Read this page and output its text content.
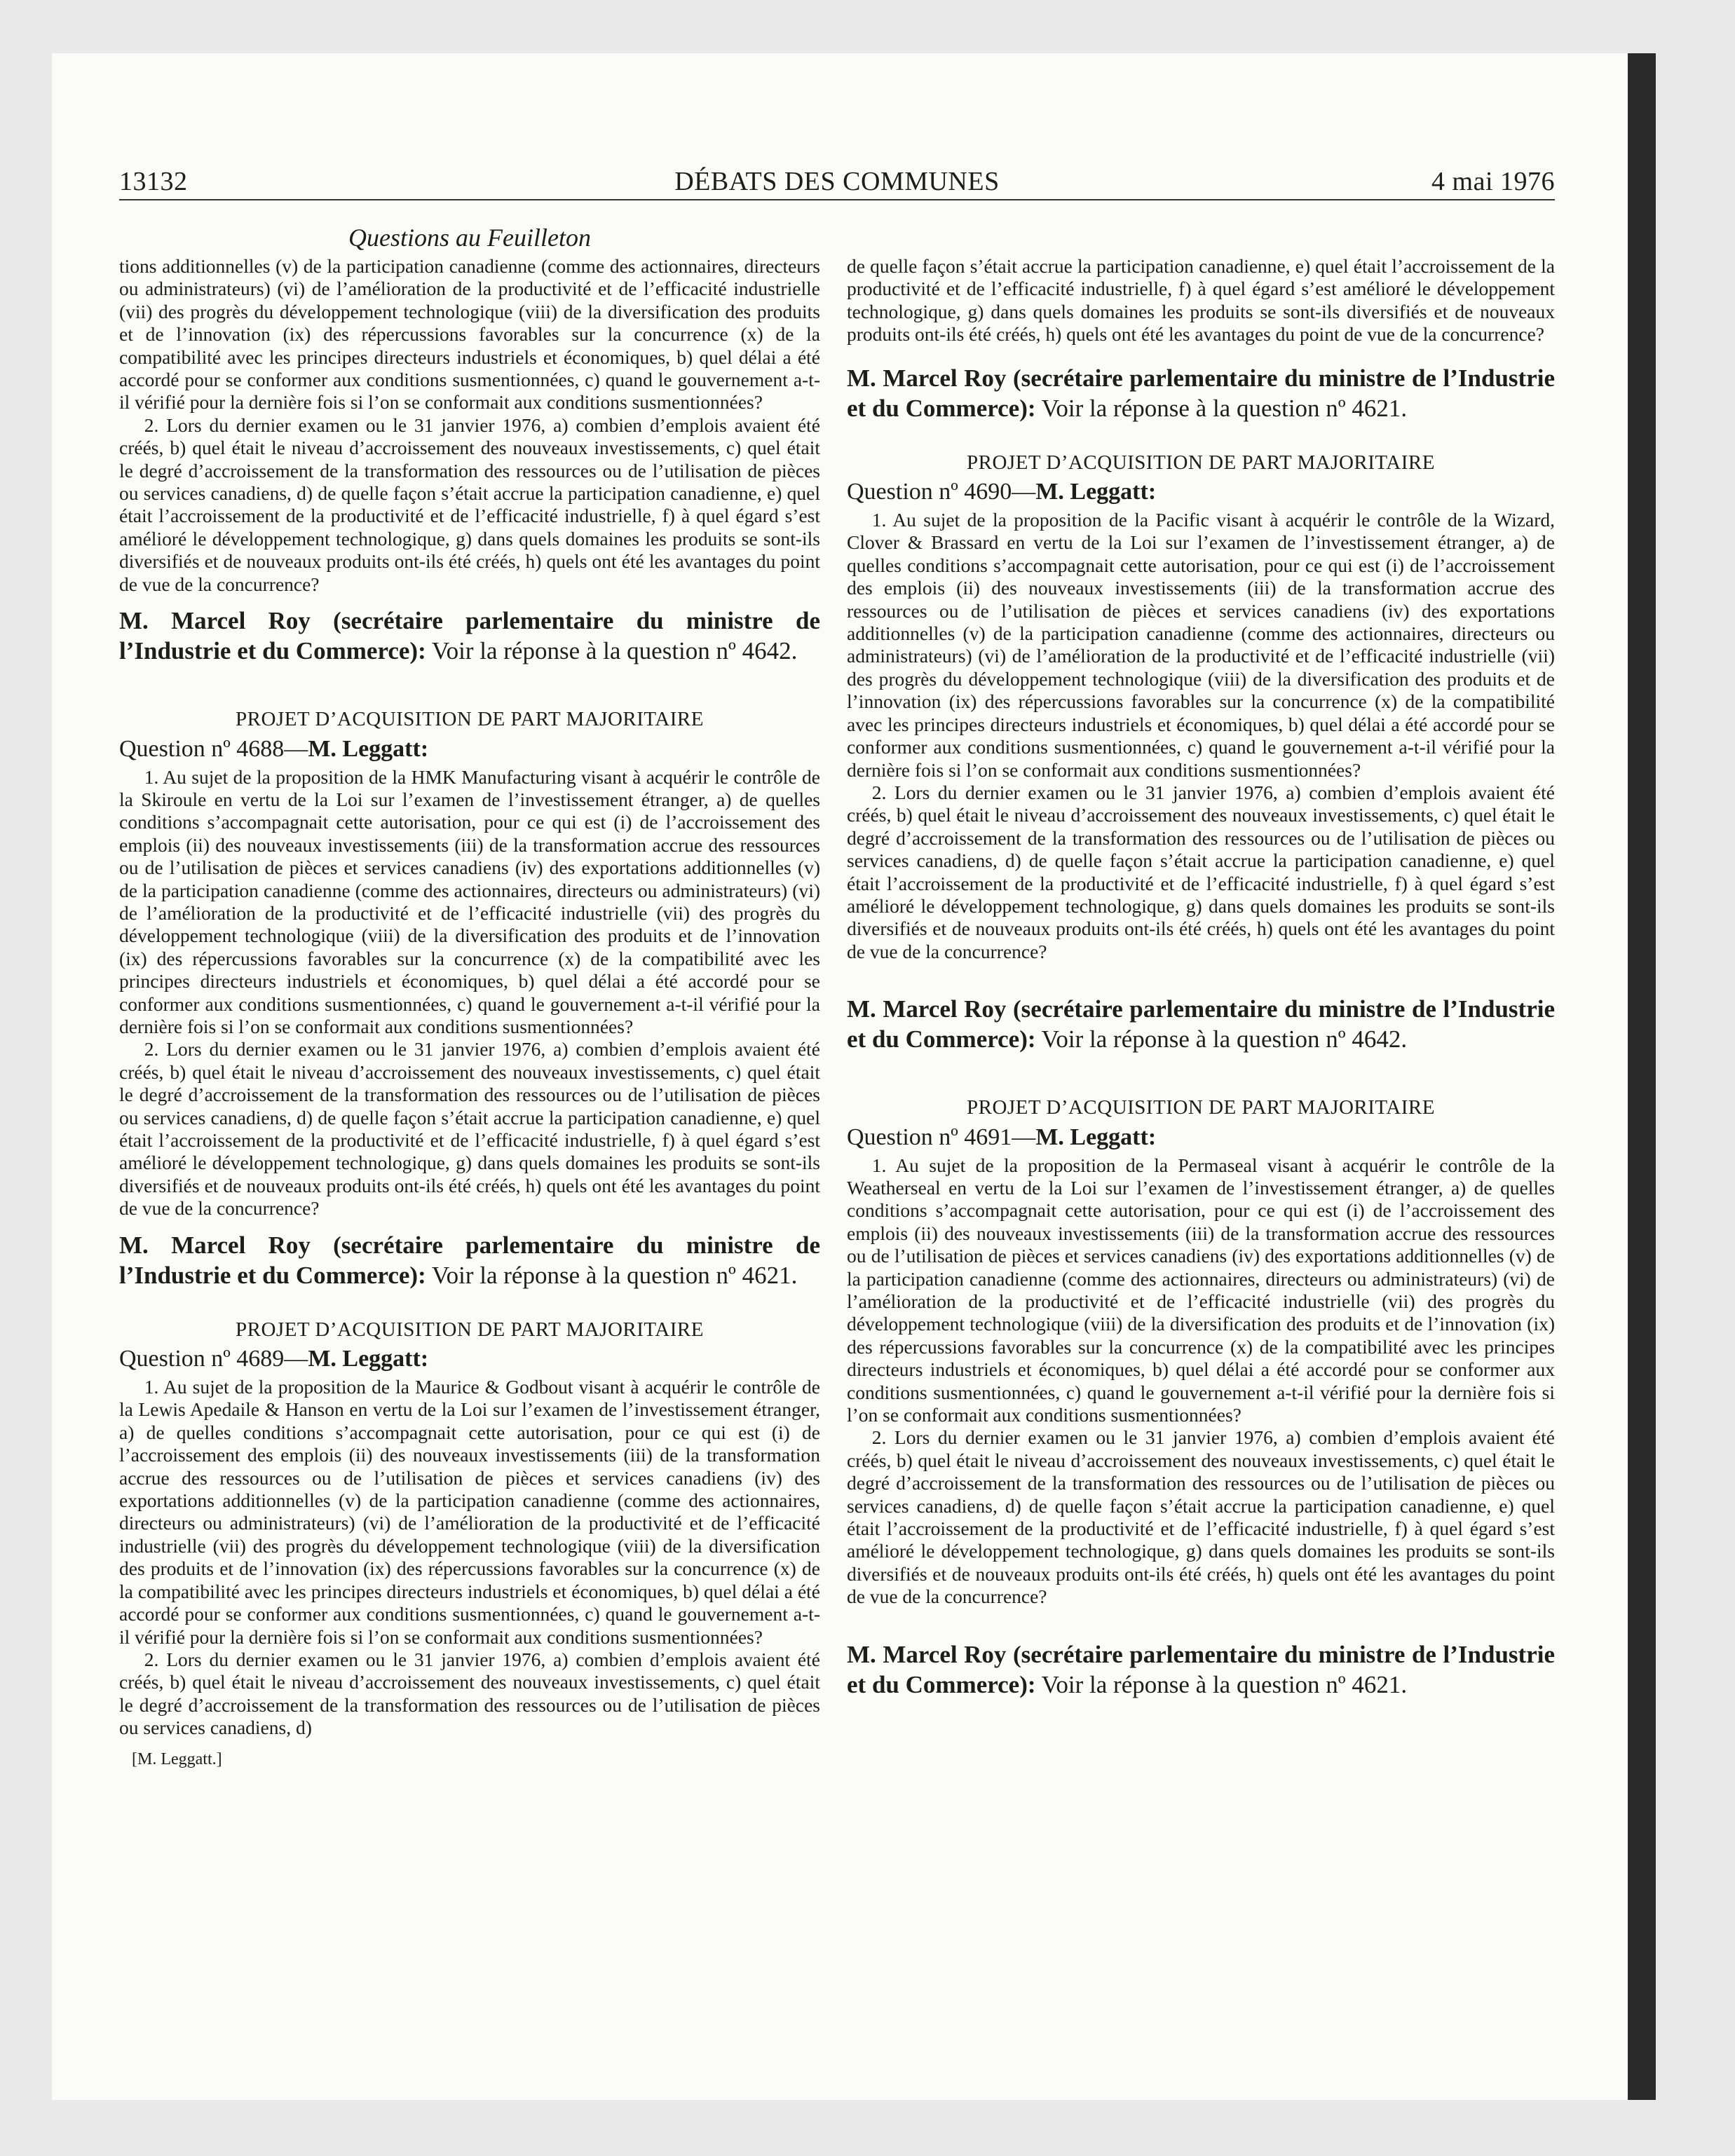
13132	DÉBATS DES COMMUNES	4 mai 1976
Questions au Feuilleton

tions additionnelles (v) de la participation canadienne (comme des actionnaires, directeurs ou administrateurs) (vi) de l’amélioration de la productivité et de l’efficacité industrielle (vii) des progrès du développement technologique (viii) de la diversification des produits et de l’innovation (ix) des répercussions favorables sur la concurrence (x) de la compatibilité avec les principes directeurs industriels et économiques, b) quel délai a été accordé pour se conformer aux conditions susmentionnées, c) quand le gouvernement a-t-il vérifié pour la dernière fois si l’on se conformait aux conditions susmentionnées?

2. Lors du dernier examen ou le 31 janvier 1976, a) combien d’emplois avaient été créés, b) quel était le niveau d’accroissement des nouveaux investissements, c) quel était le degré d’accroissement de la transformation des ressources ou de l’utilisation de pièces ou services canadiens, d) de quelle façon s’était accrue la participation canadienne, e) quel était l’accroissement de la productivité et de l’efficacité industrielle, f) à quel égard s’est amélioré le développement technologique, g) dans quels domaines les produits se sont-ils diversifiés et de nouveaux produits ont-ils été créés, h) quels ont été les avantages du point de vue de la concurrence?

M. Marcel Roy (secrétaire parlementaire du ministre de l’Industrie et du Commerce): Voir la réponse à la question nº 4642.

PROJET D’ACQUISITION DE PART MAJORITAIRE
Question nº 4688—M. Leggatt:

1. Au sujet de la proposition de la HMK Manufacturing visant à acquérir le contrôle de la Skiroule en vertu de la Loi sur l’examen de l’investissement étranger, a) de quelles conditions s’accompagnait cette autorisation, pour ce qui est (i) de l’accroissement des emplois (ii) des nouveaux investissements (iii) de la transformation accrue des ressources ou de l’utilisation de pièces et services canadiens (iv) des exportations additionnelles (v) de la participation canadienne (comme des actionnaires, directeurs ou administrateurs) (vi) de l’amélioration de la productivité et de l’efficacité industrielle (vii) des progrès du développement technologique (viii) de la diversification des produits et de l’innovation (ix) des répercussions favorables sur la concurrence (x) de la compatibilité avec les principes directeurs industriels et économiques, b) quel délai a été accordé pour se conformer aux conditions susmentionnées, c) quand le gouvernement a-t-il vérifié pour la dernière fois si l’on se conformait aux conditions susmentionnées?

2. Lors du dernier examen ou le 31 janvier 1976, a) combien d’emplois avaient été créés, b) quel était le niveau d’accroissement des nouveaux investissements, c) quel était le degré d’accroissement de la transformation des ressources ou de l’utilisation de pièces ou services canadiens, d) de quelle façon s’était accrue la participation canadienne, e) quel était l’accroissement de la productivité et de l’efficacité industrielle, f) à quel égard s’est amélioré le développement technologique, g) dans quels domaines les produits se sont-ils diversifiés et de nouveaux produits ont-ils été créés, h) quels ont été les avantages du point de vue de la concurrence?

M. Marcel Roy (secrétaire parlementaire du ministre de l’Industrie et du Commerce): Voir la réponse à la question nº 4621.

PROJET D’ACQUISITION DE PART MAJORITAIRE
Question nº 4689—M. Leggatt:

1. Au sujet de la proposition de la Maurice & Godbout visant à acquérir le contrôle de la Lewis Apedaile & Hanson en vertu de la Loi sur l’examen de l’investissement étranger, a) de quelles conditions s’accompagnait cette autorisation, pour ce qui est (i) de l’accroissement des emplois (ii) des nouveaux investissements (iii) de la transformation accrue des ressources ou de l’utilisation de pièces et services canadiens (iv) des exportations additionnelles (v) de la participation canadienne (comme des actionnaires, directeurs ou administrateurs) (vi) de l’amélioration de la productivité et de l’efficacité industrielle (vii) des progrès du développement technologique (viii) de la diversification des produits et de l’innovation (ix) des répercussions favorables sur la concurrence (x) de la compatibilité avec les principes directeurs industriels et économiques, b) quel délai a été accordé pour se conformer aux conditions susmentionnées, c) quand le gouvernement a-t-il vérifié pour la dernière fois si l’on se conformait aux conditions susmentionnées?

2. Lors du dernier examen ou le 31 janvier 1976, a) combien d’emplois avaient été créés, b) quel était le niveau d’accroissement des nouveaux investissements, c) quel était le degré d’accroissement de la transformation des ressources ou de l’utilisation de pièces ou services canadiens, d)

[M. Leggatt.]

de quelle façon s’était accrue la participation canadienne, e) quel était l’accroissement de la productivité et de l’efficacité industrielle, f) à quel égard s’est amélioré le développement technologique, g) dans quels domaines les produits se sont-ils diversifiés et de nouveaux produits ont-ils été créés, h) quels ont été les avantages du point de vue de la concurrence?

M. Marcel Roy (secrétaire parlementaire du ministre de l’Industrie et du Commerce): Voir la réponse à la question nº 4621.

PROJET D’ACQUISITION DE PART MAJORITAIRE
Question nº 4690—M. Leggatt:

1. Au sujet de la proposition de la Pacific visant à acquérir le contrôle de la Wizard, Clover & Brassard en vertu de la Loi sur l’examen de l’investissement étranger, a) de quelles conditions s’accompagnait cette autorisation, pour ce qui est (i) de l’accroissement des emplois (ii) des nouveaux investissements (iii) de la transformation accrue des ressources ou de l’utilisation de pièces et services canadiens (iv) des exportations additionnelles (v) de la participation canadienne (comme des actionnaires, directeurs ou administrateurs) (vi) de l’amélioration de la productivité et de l’efficacité industrielle (vii) des progrès du développement technologique (viii) de la diversification des produits et de l’innovation (ix) des répercussions favorables sur la concurrence (x) de la compatibilité avec les principes directeurs industriels et économiques, b) quel délai a été accordé pour se conformer aux conditions susmentionnées, c) quand le gouvernement a-t-il vérifié pour la dernière fois si l’on se conformait aux conditions susmentionnées?

2. Lors du dernier examen ou le 31 janvier 1976, a) combien d’emplois avaient été créés, b) quel était le niveau d’accroissement des nouveaux investissements, c) quel était le degré d’accroissement de la transformation des ressources ou de l’utilisation de pièces ou services canadiens, d) de quelle façon s’était accrue la participation canadienne, e) quel était l’accroissement de la productivité et de l’efficacité industrielle, f) à quel égard s’est amélioré le développement technologique, g) dans quels domaines les produits se sont-ils diversifiés et de nouveaux produits ont-ils été créés, h) quels ont été les avantages du point de vue de la concurrence?

M. Marcel Roy (secrétaire parlementaire du ministre de l’Industrie et du Commerce): Voir la réponse à la question nº 4642.

PROJET D’ACQUISITION DE PART MAJORITAIRE
Question nº 4691—M. Leggatt:

1. Au sujet de la proposition de la Permaseal visant à acquérir le contrôle de la Weatherseal en vertu de la Loi sur l’examen de l’investissement étranger, a) de quelles conditions s’accompagnait cette autorisation, pour ce qui est (i) de l’accroissement des emplois (ii) des nouveaux investissements (iii) de la transformation accrue des ressources ou de l’utilisation de pièces et services canadiens (iv) des exportations additionnelles (v) de la participation canadienne (comme des actionnaires, directeurs ou administrateurs) (vi) de l’amélioration de la productivité et de l’efficacité industrielle (vii) des progrès du développement technologique (viii) de la diversification des produits et de l’innovation (ix) des répercussions favorables sur la concurrence (x) de la compatibilité avec les principes directeurs industriels et économiques, b) quel délai a été accordé pour se conformer aux conditions susmentionnées, c) quand le gouvernement a-t-il vérifié pour la dernière fois si l’on se conformait aux conditions susmentionnées?

2. Lors du dernier examen ou le 31 janvier 1976, a) combien d’emplois avaient été créés, b) quel était le niveau d’accroissement des nouveaux investissements, c) quel était le degré d’accroissement de la transformation des ressources ou de l’utilisation de pièces ou services canadiens, d) de quelle façon s’était accrue la participation canadienne, e) quel était l’accroissement de la productivité et de l’efficacité industrielle, f) à quel égard s’est amélioré le développement technologique, g) dans quels domaines les produits se sont-ils diversifiés et de nouveaux produits ont-ils été créés, h) quels ont été les avantages du point de vue de la concurrence?

M. Marcel Roy (secrétaire parlementaire du ministre de l’Industrie et du Commerce): Voir la réponse à la question nº 4621.
